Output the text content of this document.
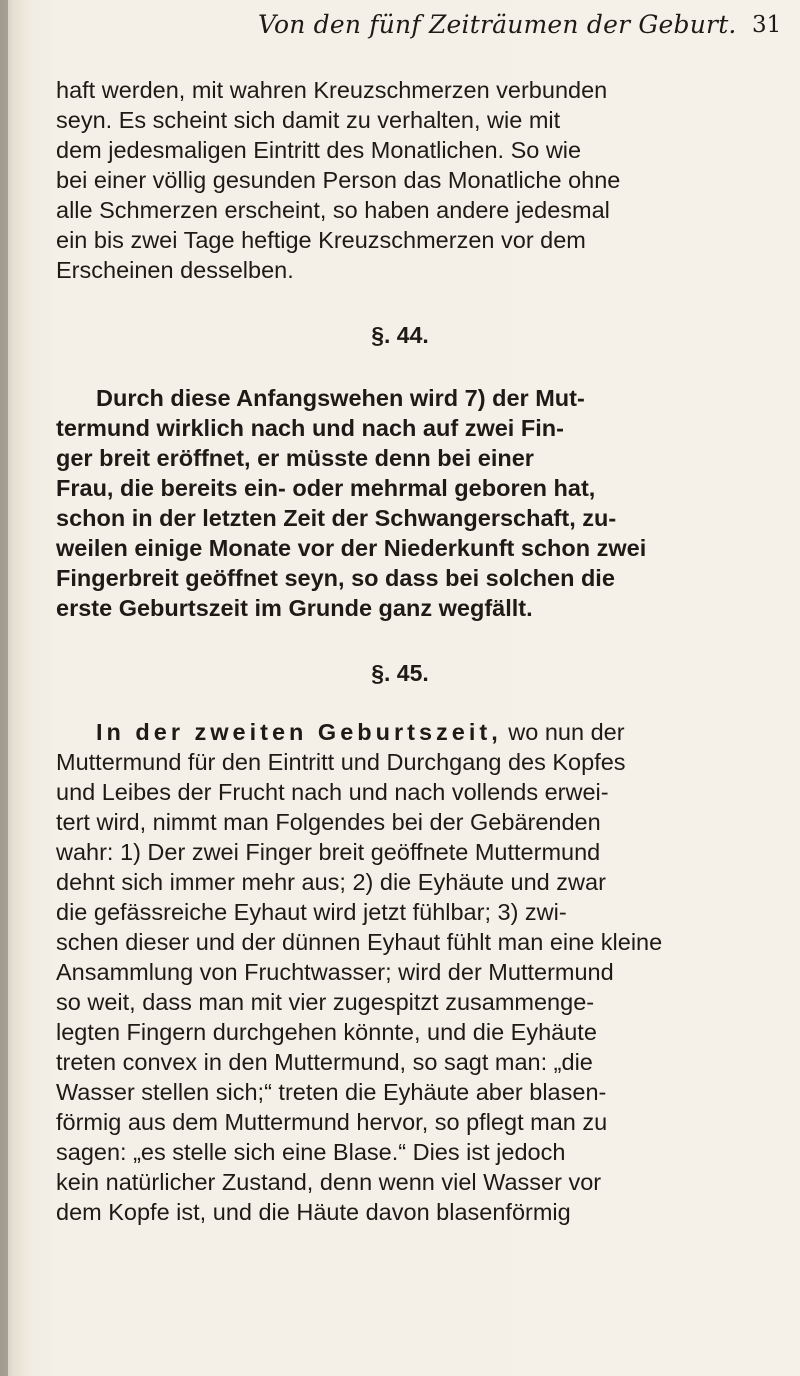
Von den fünf Zeiträumen der Geburt. 31
haft werden, mit wahren Kreuzschmerzen verbunden
seyn. Es scheint sich damit zu verhalten, wie mit
dem jedesmaligen Eintritt des Monatlichen. So wie
bei einer völlig gesunden Person das Monatliche ohne
alle Schmerzen erscheint, so haben andere jedesmal
ein bis zwei Tage heftige Kreuzschmerzen vor dem
Erscheinen desselben.
§. 44.
Durch diese Anfangswehen wird 7) der Mut-
termund wirklich nach und nach auf zwei Fin-
ger breit eröffnet, er müsste denn bei einer
Frau, die bereits ein- oder mehrmal geboren hat,
schon in der letzten Zeit der Schwangerschaft, zu-
weilen einige Monate vor der Niederkunft schon zwei
Fingerbreit geöffnet seyn, so dass bei solchen die
erste Geburtszeit im Grunde ganz wegfällt.
§. 45.
In der zweiten Geburtszeit, wo nun der
Muttermund für den Eintritt und Durchgang des Kopfes
und Leibes der Frucht nach und nach vollends erwei-
tert wird, nimmt man Folgendes bei der Gebärenden
wahr: 1) Der zwei Finger breit geöffnete Muttermund
dehnt sich immer mehr aus; 2) die Eyhäute und zwar
die gefässreiche Eyhaut wird jetzt fühlbar; 3) zwi-
schen dieser und der dünnen Eyhaut fühlt man eine kleine
Ansammlung von Fruchtwasser; wird der Muttermund
so weit, dass man mit vier zugespitzt zusammenge-
legten Fingern durchgehen könnte, und die Eyhäute
treten convex in den Muttermund, so sagt man: „die
Wasser stellen sich;“ treten die Eyhäute aber blasen-
förmig aus dem Muttermund hervor, so pflegt man zu
sagen: „es stelle sich eine Blase.“ Dies ist jedoch
kein natürlicher Zustand, denn wenn viel Wasser vor
dem Kopfe ist, und die Häute davon blasenförmig
